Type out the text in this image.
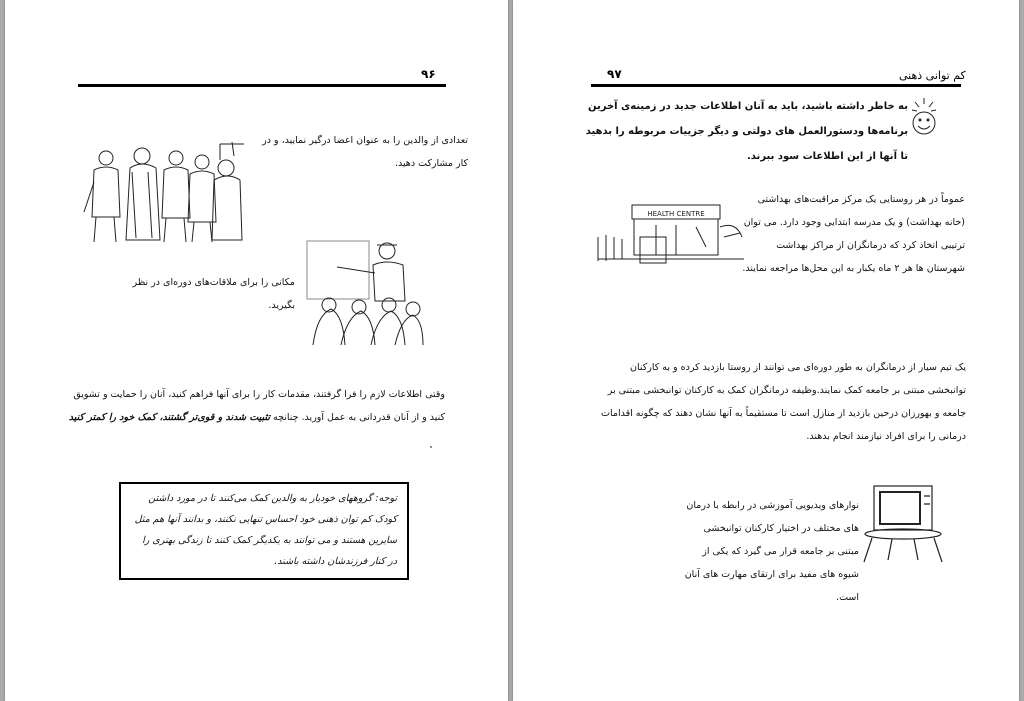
۹۶
تعدادی از والدین را به عنوان اعضا درگیر نمایید، و در کار مشارکت دهید.
مکانی را برای ملاقات‌های دوره‌ای در نظر بگیرید.
وقتی اطلاعات لازم را فرا گرفتند، مقدمات کار را برای آنها فراهم کنید، آنان را حمایت و تشویق
کنید و از آنان قدردانی به عمل آورید. چنانچه تثبیت شدند و قوی‌تر گشتند، کمک خود را کمتر کنید
توجه: گروههای خودیار به والدین کمک می‌کنند تا در مورد داشتن کودک کم توان ذهنی خود احساس تنهایی نکنند، و بدانند آنها هم مثل سایرین هستند و می توانند به یکدیگر کمک کنند تا زندگی بهتری را در کنار فرزندشان داشته باشند.
۹۷	کم توانی ذهنی
به خاطر داشته باشید، باید به آنان اطلاعات جدید در زمینه‌ی آخرین برنامه‌ها ودستورالعمل های دولتی و دیگر جزییات مربوطه را بدهید تا آنها از این اطلاعات سود ببرند.
HEALTH CENTRE
عموماً در هر روستایی یک مرکز مراقبت‌های بهداشتی (خانه بهداشت) و یک مدرسه ابتدایی وجود دارد. می توان ترتیبی اتخاذ کرد که درمانگران از مراکز بهداشت شهرستان ها هر ۲ ماه یکبار به این محل‌ها مراجعه نمایند.
یک تیم سیار از درمانگران به طور دوره‌ای می توانند از روستا بازدید کرده و به کارکنان توانبخشی مبتنی بر جامعه کمک نمایند.وظیفه درمانگران کمک به کارکنان توانبخشی مبتنی بر جامعه و بهورزان درحین بازدید از منازل است تا مستقیماً به آنها نشان دهند که چگونه اقدامات درمانی را برای افراد نیازمند انجام بدهند.
نوارهای ویدیویی آموزشی در رابطه با درمان های مختلف در اختیار کارکنان توانبخشی مبتنی بر جامعه قرار می گیرد که یکی از شیوه های مفید برای ارتقای مهارت های آنان است.
